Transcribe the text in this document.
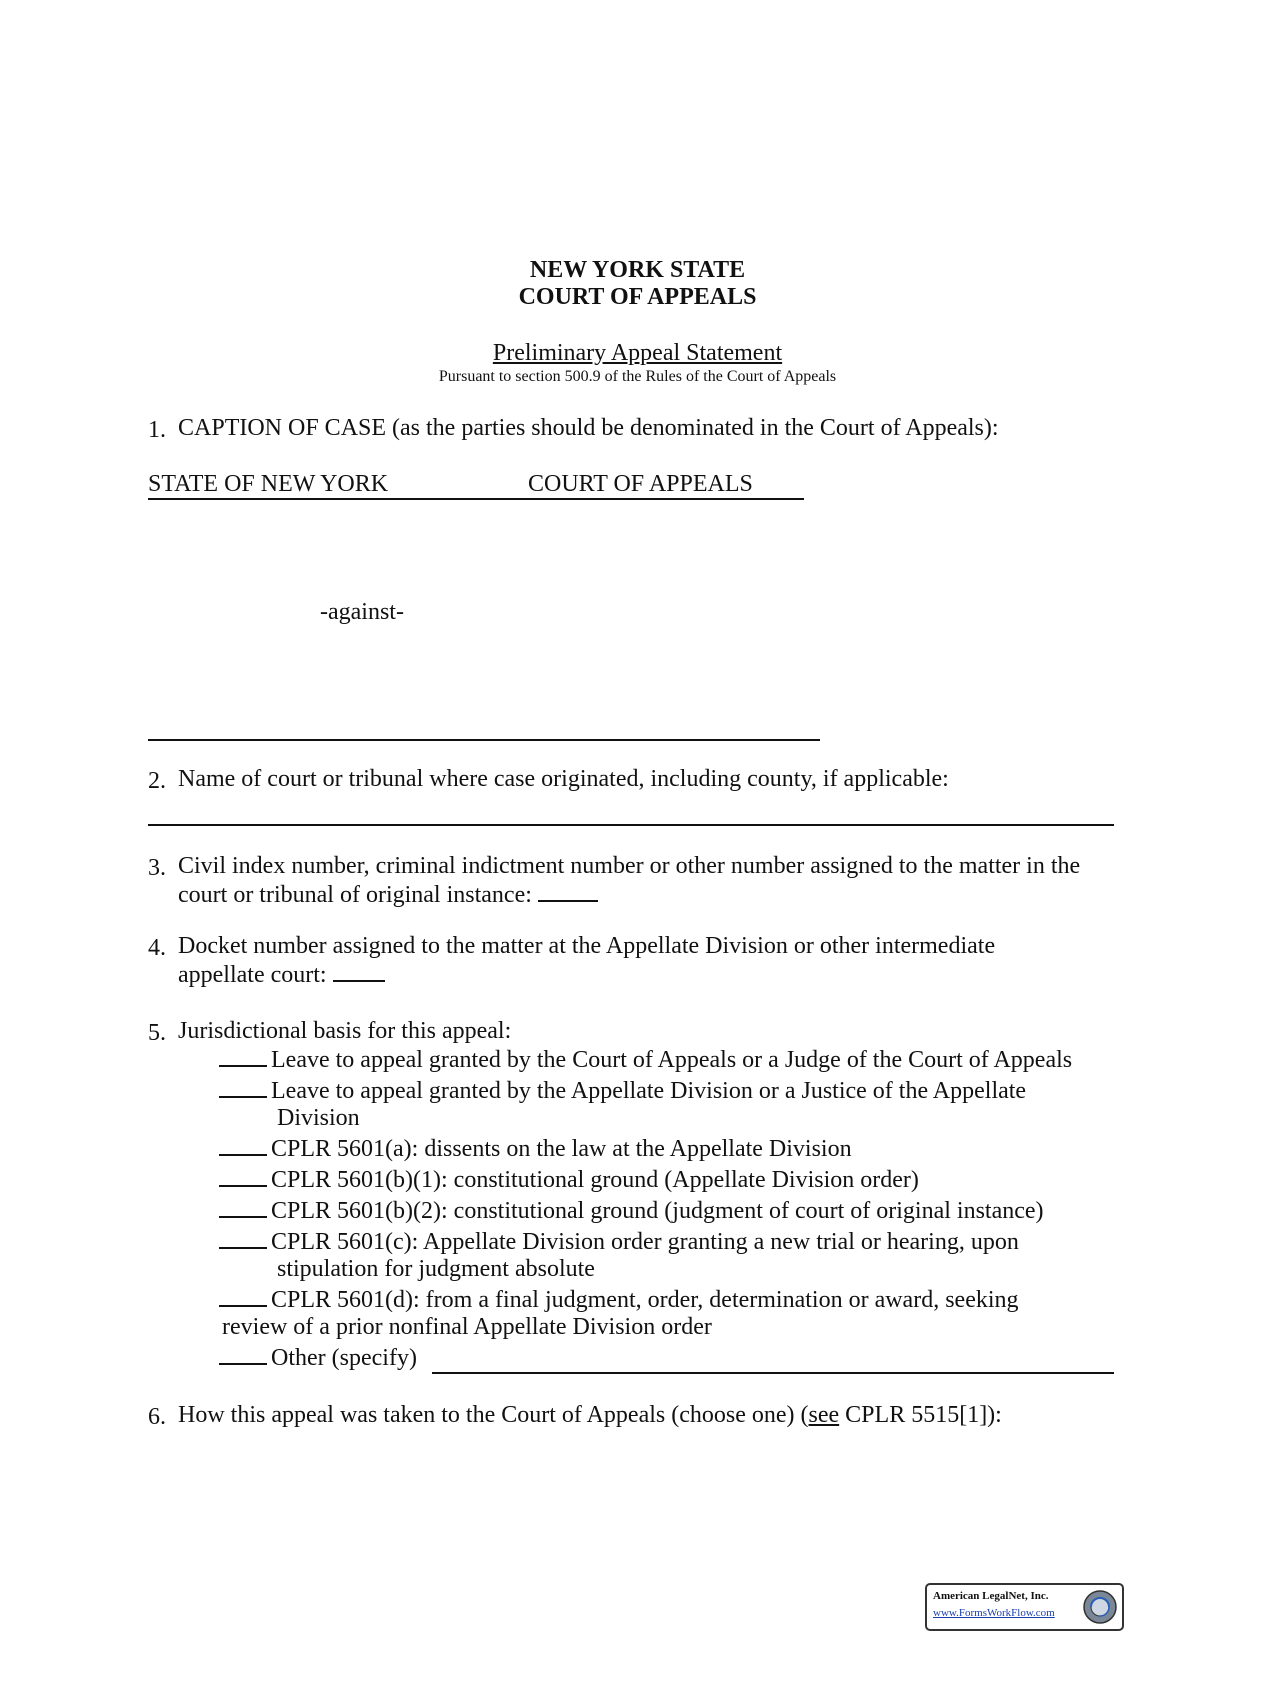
NEW YORK STATE
COURT OF APPEALS
Preliminary Appeal Statement
Pursuant to section 500.9 of the Rules of the Court of Appeals
1. CAPTION OF CASE (as the parties should be denominated in the Court of Appeals):
STATE OF NEW YORK	COURT OF APPEALS
-against-
2. Name of court or tribunal where case originated, including county, if applicable:
3. Civil index number, criminal indictment number or other number assigned to the matter in the
court or tribunal of original instance:
4. Docket number assigned to the matter at the Appellate Division or other intermediate
appellate court:
5. Jurisdictional basis for this appeal:
Leave to appeal granted by the Court of Appeals or a Judge of the Court of Appeals
Leave to appeal granted by the Appellate Division or a Justice of the Appellate
Division
CPLR 5601(a): dissents on the law at the Appellate Division
CPLR 5601(b)(1): constitutional ground (Appellate Division order)
CPLR 5601(b)(2): constitutional ground (judgment of court of original instance)
CPLR 5601(c): Appellate Division order granting a new trial or hearing, upon
stipulation for judgment absolute
CPLR 5601(d): from a final judgment, order, determination or award, seeking
review of a prior nonfinal Appellate Division order
Other (specify)
6. How this appeal was taken to the Court of Appeals (choose one) (see CPLR 5515[1]):
American LegalNet, Inc.
www.FormsWorkFlow.com
